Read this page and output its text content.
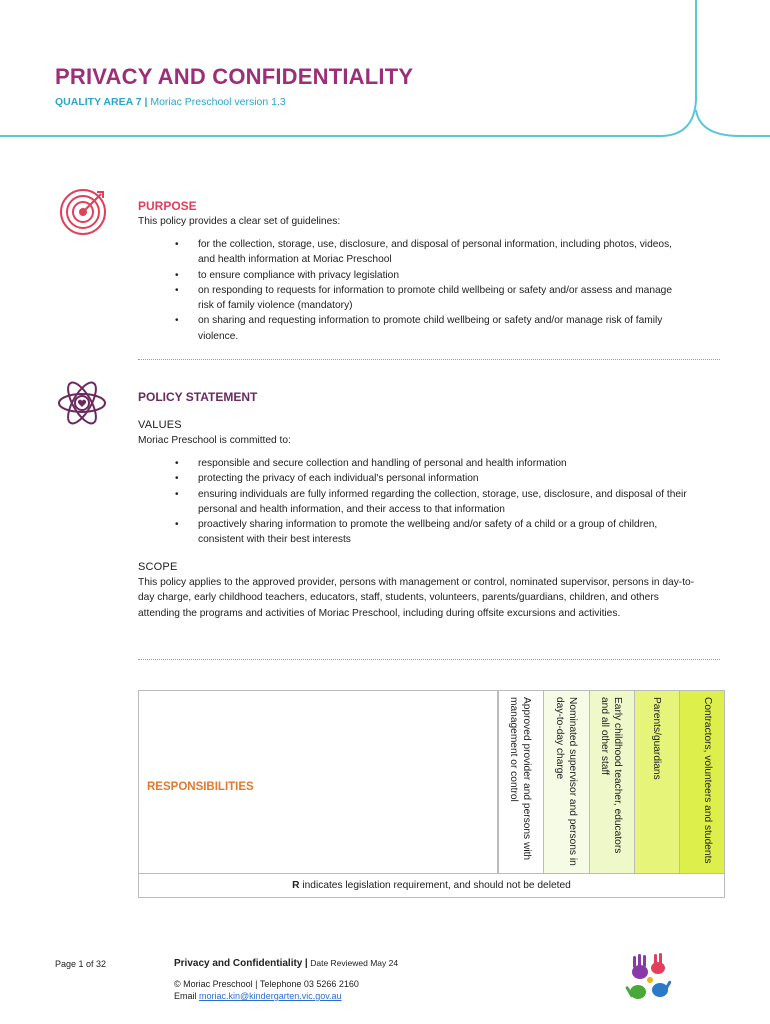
PRIVACY AND CONFIDENTIALITY
QUALITY AREA 7 | Moriac Preschool version 1.3
PURPOSE
This policy provides a clear set of guidelines:
• for the collection, storage, use, disclosure, and disposal of personal information, including photos, videos, and health information at Moriac Preschool
• to ensure compliance with privacy legislation
• on responding to requests for information to promote child wellbeing or safety and/or assess and manage risk of family violence (mandatory)
• on sharing and requesting information to promote child wellbeing or safety and/or manage risk of family violence.
POLICY STATEMENT
VALUES
Moriac Preschool is committed to:
• responsible and secure collection and handling of personal and health information
• protecting the privacy of each individual's personal information
• ensuring individuals are fully informed regarding the collection, storage, use, disclosure, and disposal of their personal and health information, and their access to that information
• proactively sharing information to promote the wellbeing and/or safety of a child or a group of children, consistent with their best interests
SCOPE
This policy applies to the approved provider, persons with management or control, nominated supervisor, persons in day-to-day charge, early childhood teachers, educators, staff, students, volunteers, parents/guardians, children, and others attending the programs and activities of Moriac Preschool, including during offsite excursions and activities.
RESPONSIBILITIES	Approved provider and persons with management or control	Nominated supervisor and persons in day-to-day charge	Early childhood teacher, educators and all other staff	Parents/guardians	Contractors, volunteers and students
R indicates legislation requirement, and should not be deleted
Page 1 of 32	Privacy and Confidentiality | Date Reviewed May 24
© Moriac Preschool | Telephone 03 5266 2160
Email moriac.kin@kindergarten.vic.gov.au
